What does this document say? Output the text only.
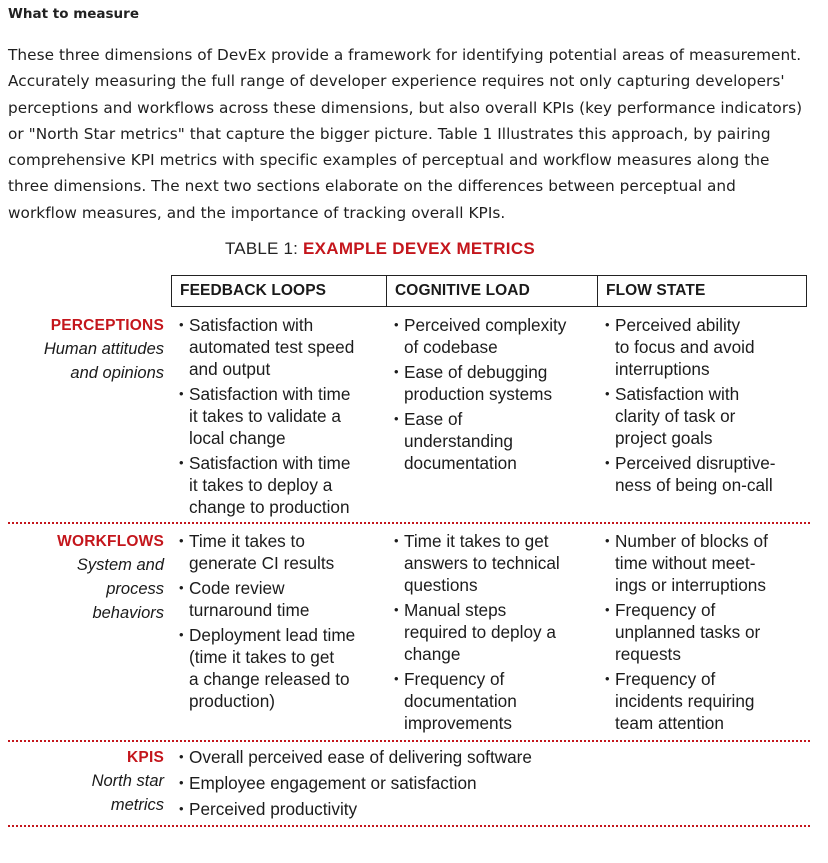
What to measure
These three dimensions of DevEx provide a framework for identifying potential areas of measurement.
Accurately measuring the full range of developer experience requires not only capturing developers'
perceptions and workflows across these dimensions, but also overall KPIs (key performance indicators)
or "North Star metrics" that capture the bigger picture. Table 1 Illustrates this approach, by pairing
comprehensive KPI metrics with specific examples of perceptual and workflow measures along the
three dimensions. The next two sections elaborate on the differences between perceptual and
workflow measures, and the importance of tracking overall KPIs.
TABLE 1: EXAMPLE DEVEX METRICS
FEEDBACK LOOPS	COGNITIVE LOAD	FLOW STATE
PERCEPTIONS
Human attitudes
and opinions
• Satisfaction with
automated test speed
and output
• Satisfaction with time
it takes to validate a
local change
• Satisfaction with time
it takes to deploy a
change to production
• Perceived complexity
of codebase
• Ease of debugging
production systems
• Ease of
understanding
documentation
• Perceived ability
to focus and avoid
interruptions
• Satisfaction with
clarity of task or
project goals
• Perceived disruptive-
ness of being on-call
WORKFLOWS
System and
process
behaviors
• Time it takes to
generate CI results
• Code review
turnaround time
• Deployment lead time
(time it takes to get
a change released to
production)
• Time it takes to get
answers to technical
questions
• Manual steps
required to deploy a
change
• Frequency of
documentation
improvements
• Number of blocks of
time without meet-
ings or interruptions
• Frequency of
unplanned tasks or
requests
• Frequency of
incidents requiring
team attention
KPIS
North star
metrics
• Overall perceived ease of delivering software
• Employee engagement or satisfaction
• Perceived productivity
